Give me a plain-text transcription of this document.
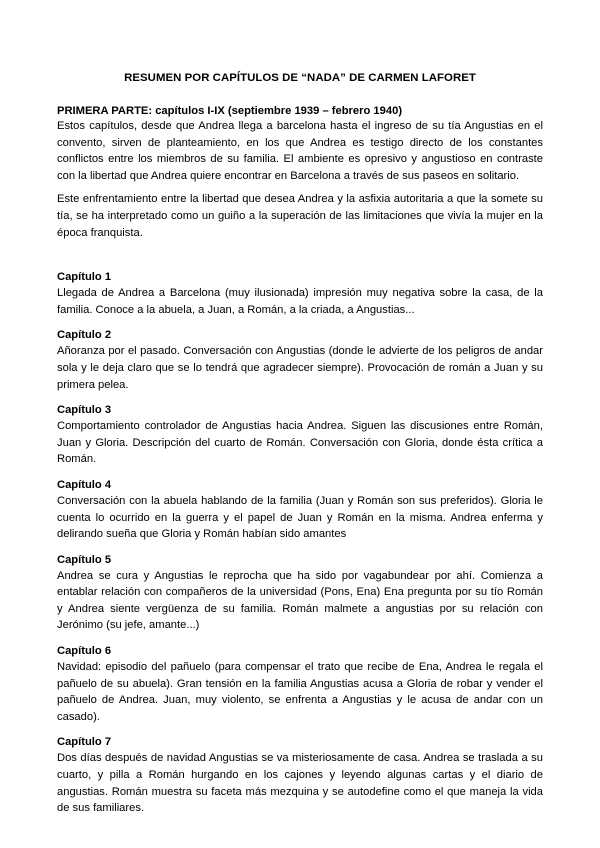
RESUMEN POR CAPÍTULOS DE “NADA” DE CARMEN LAFORET
PRIMERA PARTE: capítulos I-IX (septiembre 1939 – febrero 1940)

Estos capítulos, desde que Andrea llega a barcelona hasta el ingreso de su tía Angustias en el convento, sirven de planteamiento, en los que Andrea es testigo directo de los constantes conflictos entre los miembros de su familia. El ambiente es opresivo y angustioso en contraste con la libertad que Andrea quiere encontrar en Barcelona a través de sus paseos en solitario.

Este enfrentamiento entre la libertad que desea Andrea y la asfixia autoritaria a que la somete su tía, se ha interpretado como un guiño a la superación de las limitaciones que vivía la mujer en la época franquista.

Capítulo 1

Llegada de Andrea a Barcelona (muy ilusionada) impresión muy negativa sobre la casa, de la familia. Conoce a la abuela, a Juan, a Román, a la criada, a Angustias...

Capítulo 2

Añoranza por el pasado. Conversación con Angustias (donde le advierte de los peligros de andar sola y le deja claro que se lo tendrá que agradecer siempre). Provocación de román a Juan y su primera pelea.

Capítulo 3

Comportamiento controlador de Angustias hacia Andrea. Siguen las discusiones entre Román, Juan y Gloria. Descripción del cuarto de Román. Conversación con Gloria, donde ésta crítica a Román.

Capítulo 4

Conversación con la abuela hablando de la familia (Juan y Román son sus preferidos). Gloria le cuenta lo ocurrido en la guerra y el papel de Juan y Román en la misma. Andrea enferma y delirando sueña que Gloria y Román habían sido amantes

Capítulo 5

Andrea se cura y Angustias le reprocha que ha sido por vagabundear por ahí. Comienza a entablar relación con compañeros de la universidad (Pons, Ena) Ena pregunta por su tío Román y Andrea siente vergüenza de su familia. Román malmete a angustias por su relación con Jerónimo (su jefe, amante...)

Capítulo 6

Navidad: episodio del pañuelo (para compensar el trato que recibe de Ena, Andrea le regala el pañuelo de su abuela). Gran tensión en la familia Angustias acusa a Gloria de robar y vender el pañuelo de Andrea. Juan, muy violento, se enfrenta a Angustias y le acusa de andar con un casado).

Capítulo 7

Dos días después de navidad Angustias se va misteriosamente de casa. Andrea se traslada a su cuarto, y pilla a Román hurgando en los cajones y leyendo algunas cartas y el diario de angustias. Román muestra su faceta más mezquina y se autodefine como el que maneja la vida de sus familiares.
